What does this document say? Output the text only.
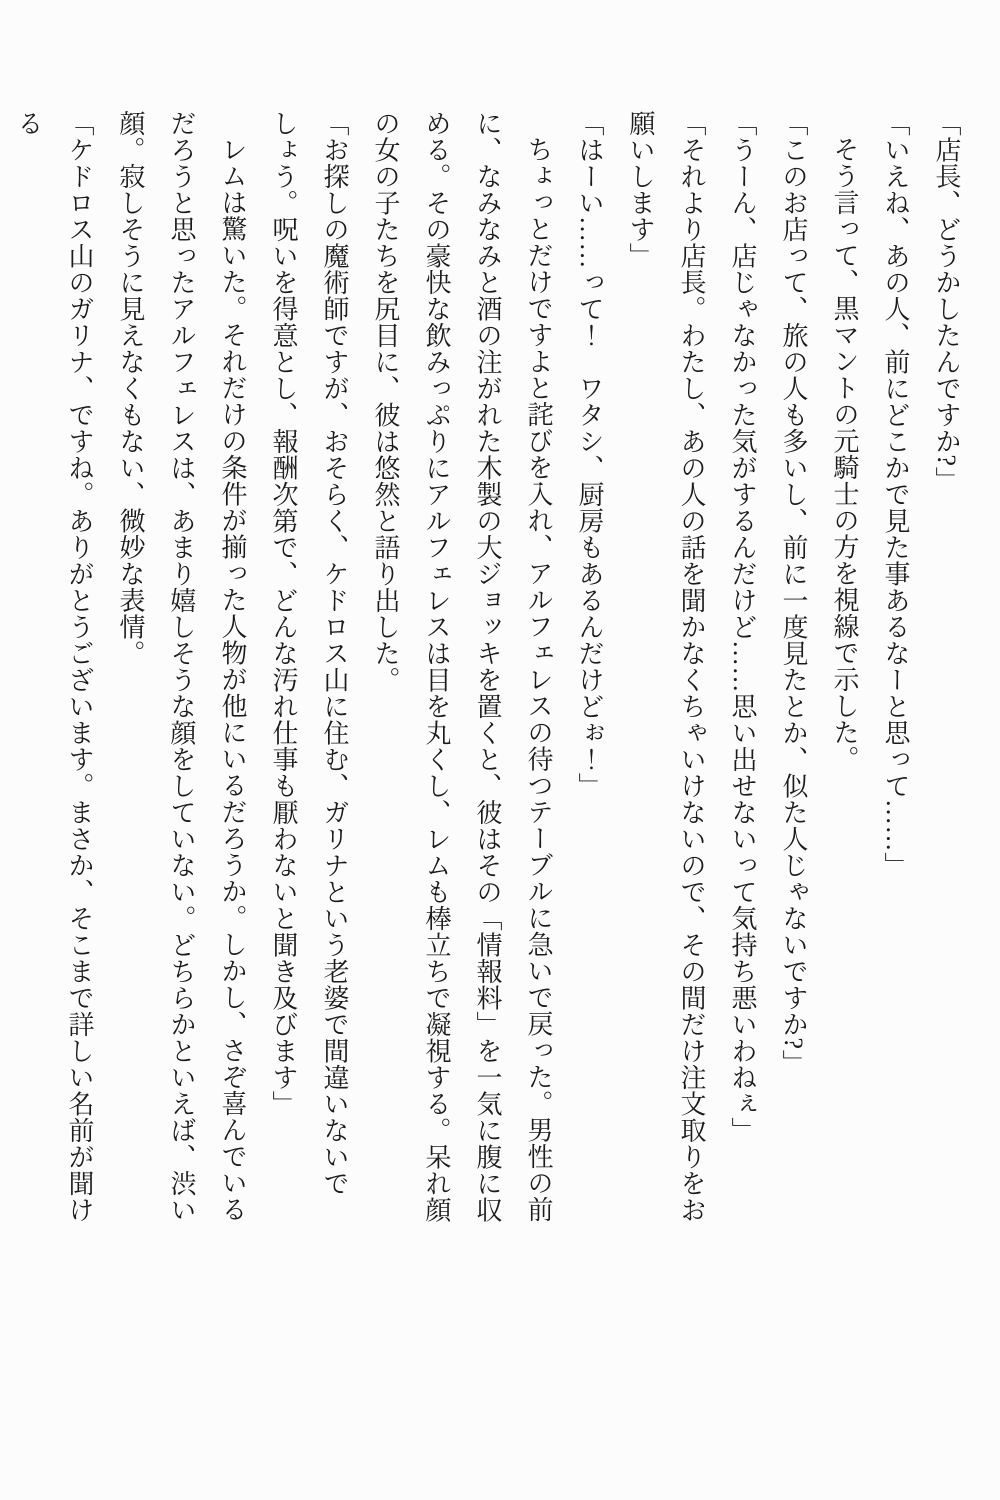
「店長、どうかしたんですか?」

「いえね、あの人、前にどこかで見た事あるなーと思って……」

そう言って、黒マントの元騎士の方を視線で示した。

「このお店って、旅の人も多いし、前に一度見たとか、似た人じゃないですか?」

「うーん、店じゃなかった気がするんだけど……思い出せないって気持ち悪いわねぇ」

「それより店長。わたし、あの人の話を聞かなくちゃいけないので、その間だけ注文取りをお願いします」

「はーい……って！　ワタシ、厨房もあるんだけどぉ！」

ちょっとだけですよと詫びを入れ、アルフェレスの待つテーブルに急いで戻った。男性の前に、なみなみと酒の注がれた木製の大ジョッキを置くと、彼はその「情報料」を一気に腹に収める。その豪快な飲みっぷりにアルフェレスは目を丸くし、レムも棒立ちで凝視する。呆れ顔の女の子たちを尻目に、彼は悠然と語り出した。

「お探しの魔術師ですが、おそらく、ケドロス山に住む、ガリナという老婆で間違いないでしょう。呪いを得意とし、報酬次第で、どんな汚れ仕事も厭わないと聞き及びます」

レムは驚いた。それだけの条件が揃った人物が他にいるだろうか。しかし、さぞ喜んでいるだろうと思ったアルフェレスは、あまり嬉しそうな顔をしていない。どちらかといえば、渋い顔。寂しそうに見えなくもない、微妙な表情。

「ケドロス山のガリナ、ですね。ありがとうございます。まさか、そこまで詳しい名前が聞ける
